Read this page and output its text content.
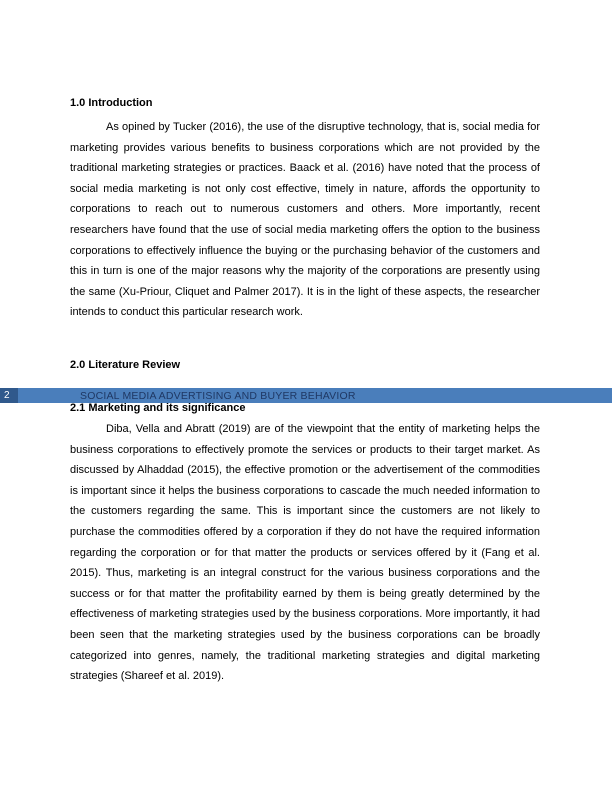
1.0 Introduction
As opined by Tucker (2016), the use of the disruptive technology, that is, social media for marketing provides various benefits to business corporations which are not provided by the traditional marketing strategies or practices. Baack et al. (2016) have noted that the process of social media marketing is not only cost effective, timely in nature, affords the opportunity to corporations to reach out to numerous customers and others. More importantly, recent researchers have found that the use of social media marketing offers the option to the business corporations to effectively influence the buying or the purchasing behavior of the customers and this in turn is one of the major reasons why the majority of the corporations are presently using the same (Xu-Priour, Cliquet and Palmer 2017). It is in the light of these aspects, the researcher intends to conduct this particular research work.
2.0 Literature Review
2	SOCIAL MEDIA ADVERTISING AND BUYER BEHAVIOR
2.1 Marketing and its significance
Diba, Vella and Abratt (2019) are of the viewpoint that the entity of marketing helps the business corporations to effectively promote the services or products to their target market. As discussed by Alhaddad (2015), the effective promotion or the advertisement of the commodities is important since it helps the business corporations to cascade the much needed information to the customers regarding the same. This is important since the customers are not likely to purchase the commodities offered by a corporation if they do not have the required information regarding the corporation or for that matter the products or services offered by it (Fang et al. 2015). Thus, marketing is an integral construct for the various business corporations and the success or for that matter the profitability earned by them is being greatly determined by the effectiveness of marketing strategies used by the business corporations. More importantly, it had been seen that the marketing strategies used by the business corporations can be broadly categorized into genres, namely, the traditional marketing strategies and digital marketing strategies (Shareef et al. 2019).
